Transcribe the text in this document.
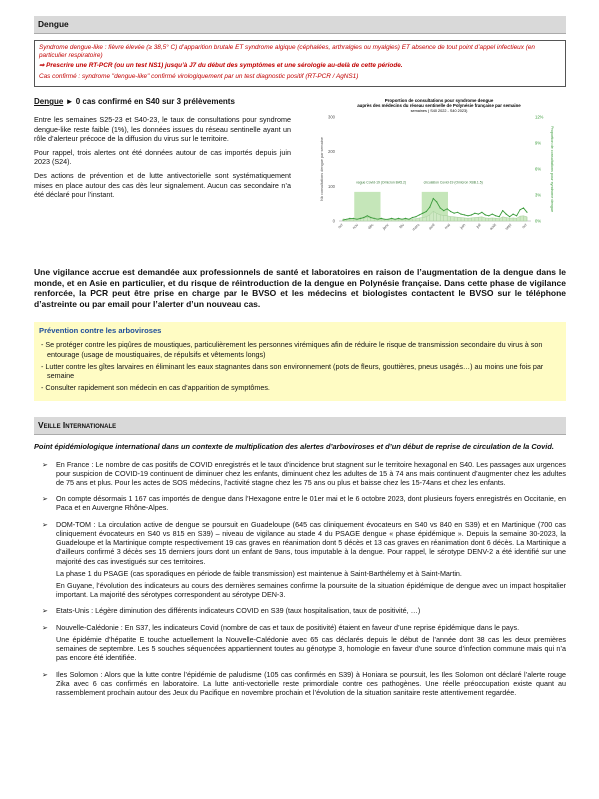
Dengue
Syndrome dengue-like : fièvre élevée (≥ 38,5° C) d’apparition brutale ET syndrome algique (céphalées, arthralgies ou myalgies) ET absence de tout point d’appel infectieux (en particulier respiratoire)
⇒ Prescrire une RT-PCR (ou un test NS1) jusqu’à J7 du début des symptômes et une sérologie au-delà de cette période.
Cas confirmé : syndrome "dengue-like" confirmé virologiquement par un test diagnostic positif (RT-PCR / AgNS1)
Dengue ► 0 cas confirmé en S40 sur 3 prélèvements

Entre les semaines S25-23 et S40-23, le taux de consultations pour syndrome dengue-like reste faible (1%), les données issues du réseau sentinelle ayant un rôle d’alerteur précoce de la diffusion du virus sur le territoire.

Pour rappel, trois alertes ont été données autour de cas importés depuis juin 2023 (S24).

Des actions de prévention et de lutte antivectorielle sont systématiquement mises en place autour des cas dès leur signalement. Aucun cas secondaire n’a été déclaré pour l’instant.

Proportion de consultations pour syndrome dengue
auprès des médecins du réseau sentinelle de Polynésie française par semaine
semaines ( S40 2022 - S40 2023)
0
100
200
300
0%
3%
6%
9%
12%
Nb consultations dengue par semaine	Proportion de consultations pour syndrome dengue
vague Covid-19 (Omicron BA5.2)	circulation Covid-19 (Omicron XBB.1.5)
oct nov déc janv fév mars avril mai juin juil août sept oct
Une vigilance accrue est demandée aux professionnels de santé et laboratoires en raison de l’augmentation de la dengue dans le monde, et en Asie en particulier, et du risque de réintroduction de la dengue en Polynésie française. Dans cette phase de vigilance renforcée, la PCR peut être prise en charge par le BVSO et les médecins et biologistes contactent le BVSO sur le téléphone d’astreinte ou par email pour l’alerter d’un nouveau cas.
Prévention contre les arboviroses
- Se protéger contre les piqûres de moustiques, particulièrement les personnes virémiques afin de réduire le risque de transmission secondaire du virus à son entourage (usage de moustiquaires, de répulsifs et vêtements longs)
- Lutter contre les gîtes larvaires en éliminant les eaux stagnantes dans son environnement (pots de fleurs, gouttières, pneus usagés…) au moins une fois par semaine
- Consulter rapidement son médecin en cas d’apparition de symptômes.
Veille Internationale
Point épidémiologique international dans un contexte de multiplication des alertes d’arboviroses et d’un début de reprise de circulation de la Covid.
➢	En France : Le nombre de cas positifs de COVID enregistrés et le taux d’incidence brut stagnent sur le territoire hexagonal en S40. Les passages aux urgences pour suspicion de COVID-19 continuent de diminuer chez les enfants, diminuent chez les adultes de 15 à 74 ans mais continuent d’augmenter chez les adultes de 75 ans et plus. Pour les actes de SOS médecins, l’activité stagne chez les 75 ans ou plus et baisse chez les 15-74ans et chez les enfants.

➢	On compte désormais 1 167 cas importés de dengue dans l’Hexagone entre le 01er mai et le 6 octobre 2023, dont plusieurs foyers enregistrés en Occitanie, en Paca et en Auvergne Rhône-Alpes.

➢	DOM-TOM : La circulation active de dengue se poursuit en Guadeloupe (645 cas cliniquement évocateurs en S40 vs 840 en S39) et en Martinique (700 cas cliniquement évocateurs en S40 vs 815 en S39) – niveau de vigilance au stade 4 du PSAGE dengue « phase épidémique ». Depuis la semaine 30-2023, la Guadeloupe et la Martinique compte respectivement 19 cas graves en réanimation dont 5 décès et 13 cas graves en réanimation dont 6 décès. La Martinique a d’ailleurs confirmé 3 décès ses 15 derniers jours dont un enfant de 9ans, tous imputable à la dengue. Pour rappel, le sérotype DENV-2 a été identifié sur une majorité des cas investigués sur ces territoires.

La phase 1 du PSAGE (cas sporadiques en période de faible transmission) est maintenue à Saint-Barthélemy et à Saint-Martin.

En Guyane, l’évolution des indicateurs au cours des dernières semaines confirme la poursuite de la situation épidémique de dengue avec un impact hospitalier important. La majorité des sérotypes correspondent au sérotype DEN-3.

➢	Etats-Unis : Légère diminution des différents indicateurs COVID en S39 (taux hospitalisation, taux de positivité, …)

➢	Nouvelle-Calédonie : En S37, les indicateurs Covid (nombre de cas et taux de positivité) étaient en faveur d’une reprise épidémique dans le pays.

Une épidémie d’hépatite E touche actuellement la Nouvelle-Calédonie avec 65 cas déclarés depuis le début de l’année dont 38 cas les deux premières semaines de septembre. Les 5 souches séquencées appartiennent toutes au génotype 3, homologie en faveur d’une source d’infection commune mais qui n’a pas encore été identifiée.

➢	Iles Solomon : Alors que la lutte contre l’épidémie de paludisme (105 cas confirmés en S39) à Honiara se poursuit, les Iles Solomon ont déclaré l’alerte rouge Zika avec 6 cas confirmés en laboratoire. La lutte anti-vectorielle reste primordiale contre ces pathogènes. Une réelle préoccupation existe quant au rassemblement prochain autour des Jeux du Pacifique en novembre prochain et l’évolution de la situation sanitaire reste attentivement regardée.
